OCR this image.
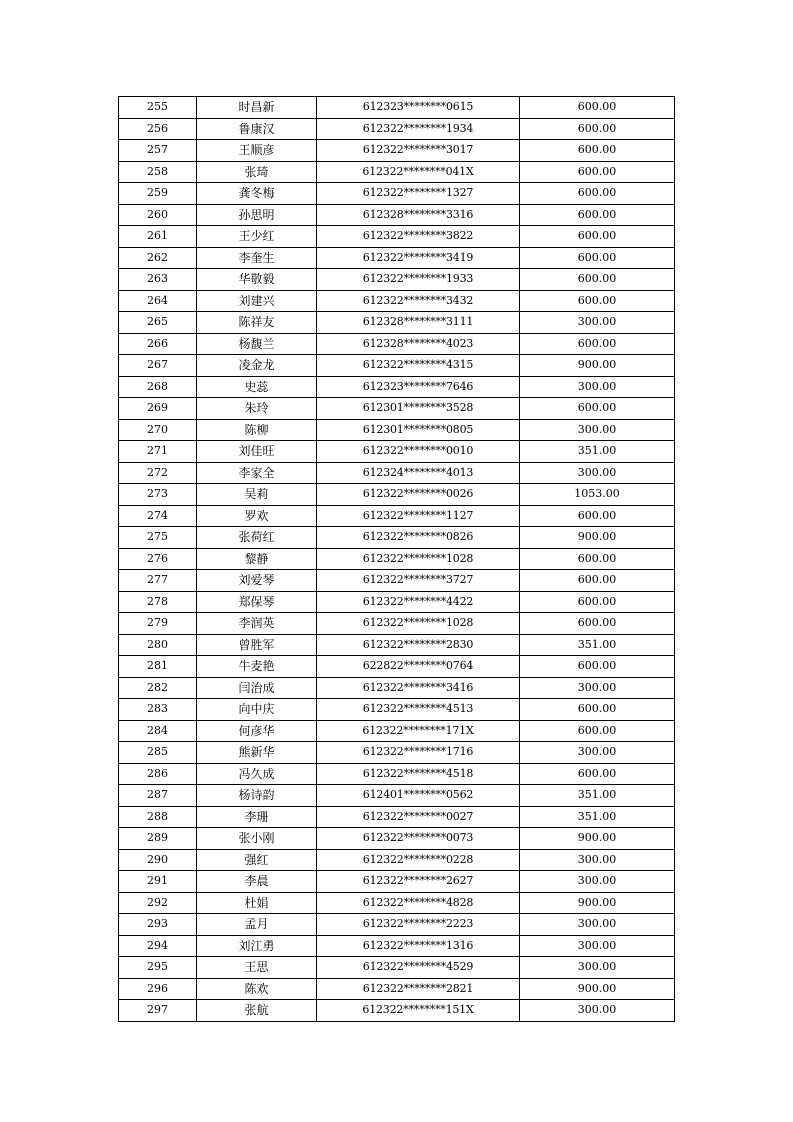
255	时昌新	612323********0615	600.00
256	鲁康汉	612322********1934	600.00
257	王顺彦	612322********3017	600.00
258	张琦	612322********041X	600.00
259	龚冬梅	612322********1327	600.00
260	孙思明	612328********3316	600.00
261	王少红	612322********3822	600.00
262	李奎生	612322********3419	600.00
263	华敬毅	612322********1933	600.00
264	刘建兴	612322********3432	600.00
265	陈祥友	612328********3111	300.00
266	杨馥兰	612328********4023	600.00
267	凌金龙	612322********4315	900.00
268	史蕊	612323********7646	300.00
269	朱玲	612301********3528	600.00
270	陈柳	612301********0805	300.00
271	刘佳旺	612322********0010	351.00
272	李家全	612324********4013	300.00
273	吴莉	612322********0026	1053.00
274	罗欢	612322********1127	600.00
275	张荷红	612322********0826	900.00
276	黎静	612322********1028	600.00
277	刘爱琴	612322********3727	600.00
278	郑保琴	612322********4422	600.00
279	李润英	612322********1028	600.00
280	曾胜军	612322********2830	351.00
281	牛麦艳	622822********0764	600.00
282	闫治成	612322********3416	300.00
283	向中庆	612322********4513	600.00
284	何彦华	612322********171X	600.00
285	熊新华	612322********1716	300.00
286	冯久成	612322********4518	600.00
287	杨诗韵	612401********0562	351.00
288	李珊	612322********0027	351.00
289	张小刚	612322********0073	900.00
290	强红	612322********0228	300.00
291	李晨	612322********2627	300.00
292	杜娟	612322********4828	900.00
293	孟月	612322********2223	300.00
294	刘江勇	612322********1316	300.00
295	王思	612322********4529	300.00
296	陈欢	612322********2821	900.00
297	张航	612322********151X	300.00
